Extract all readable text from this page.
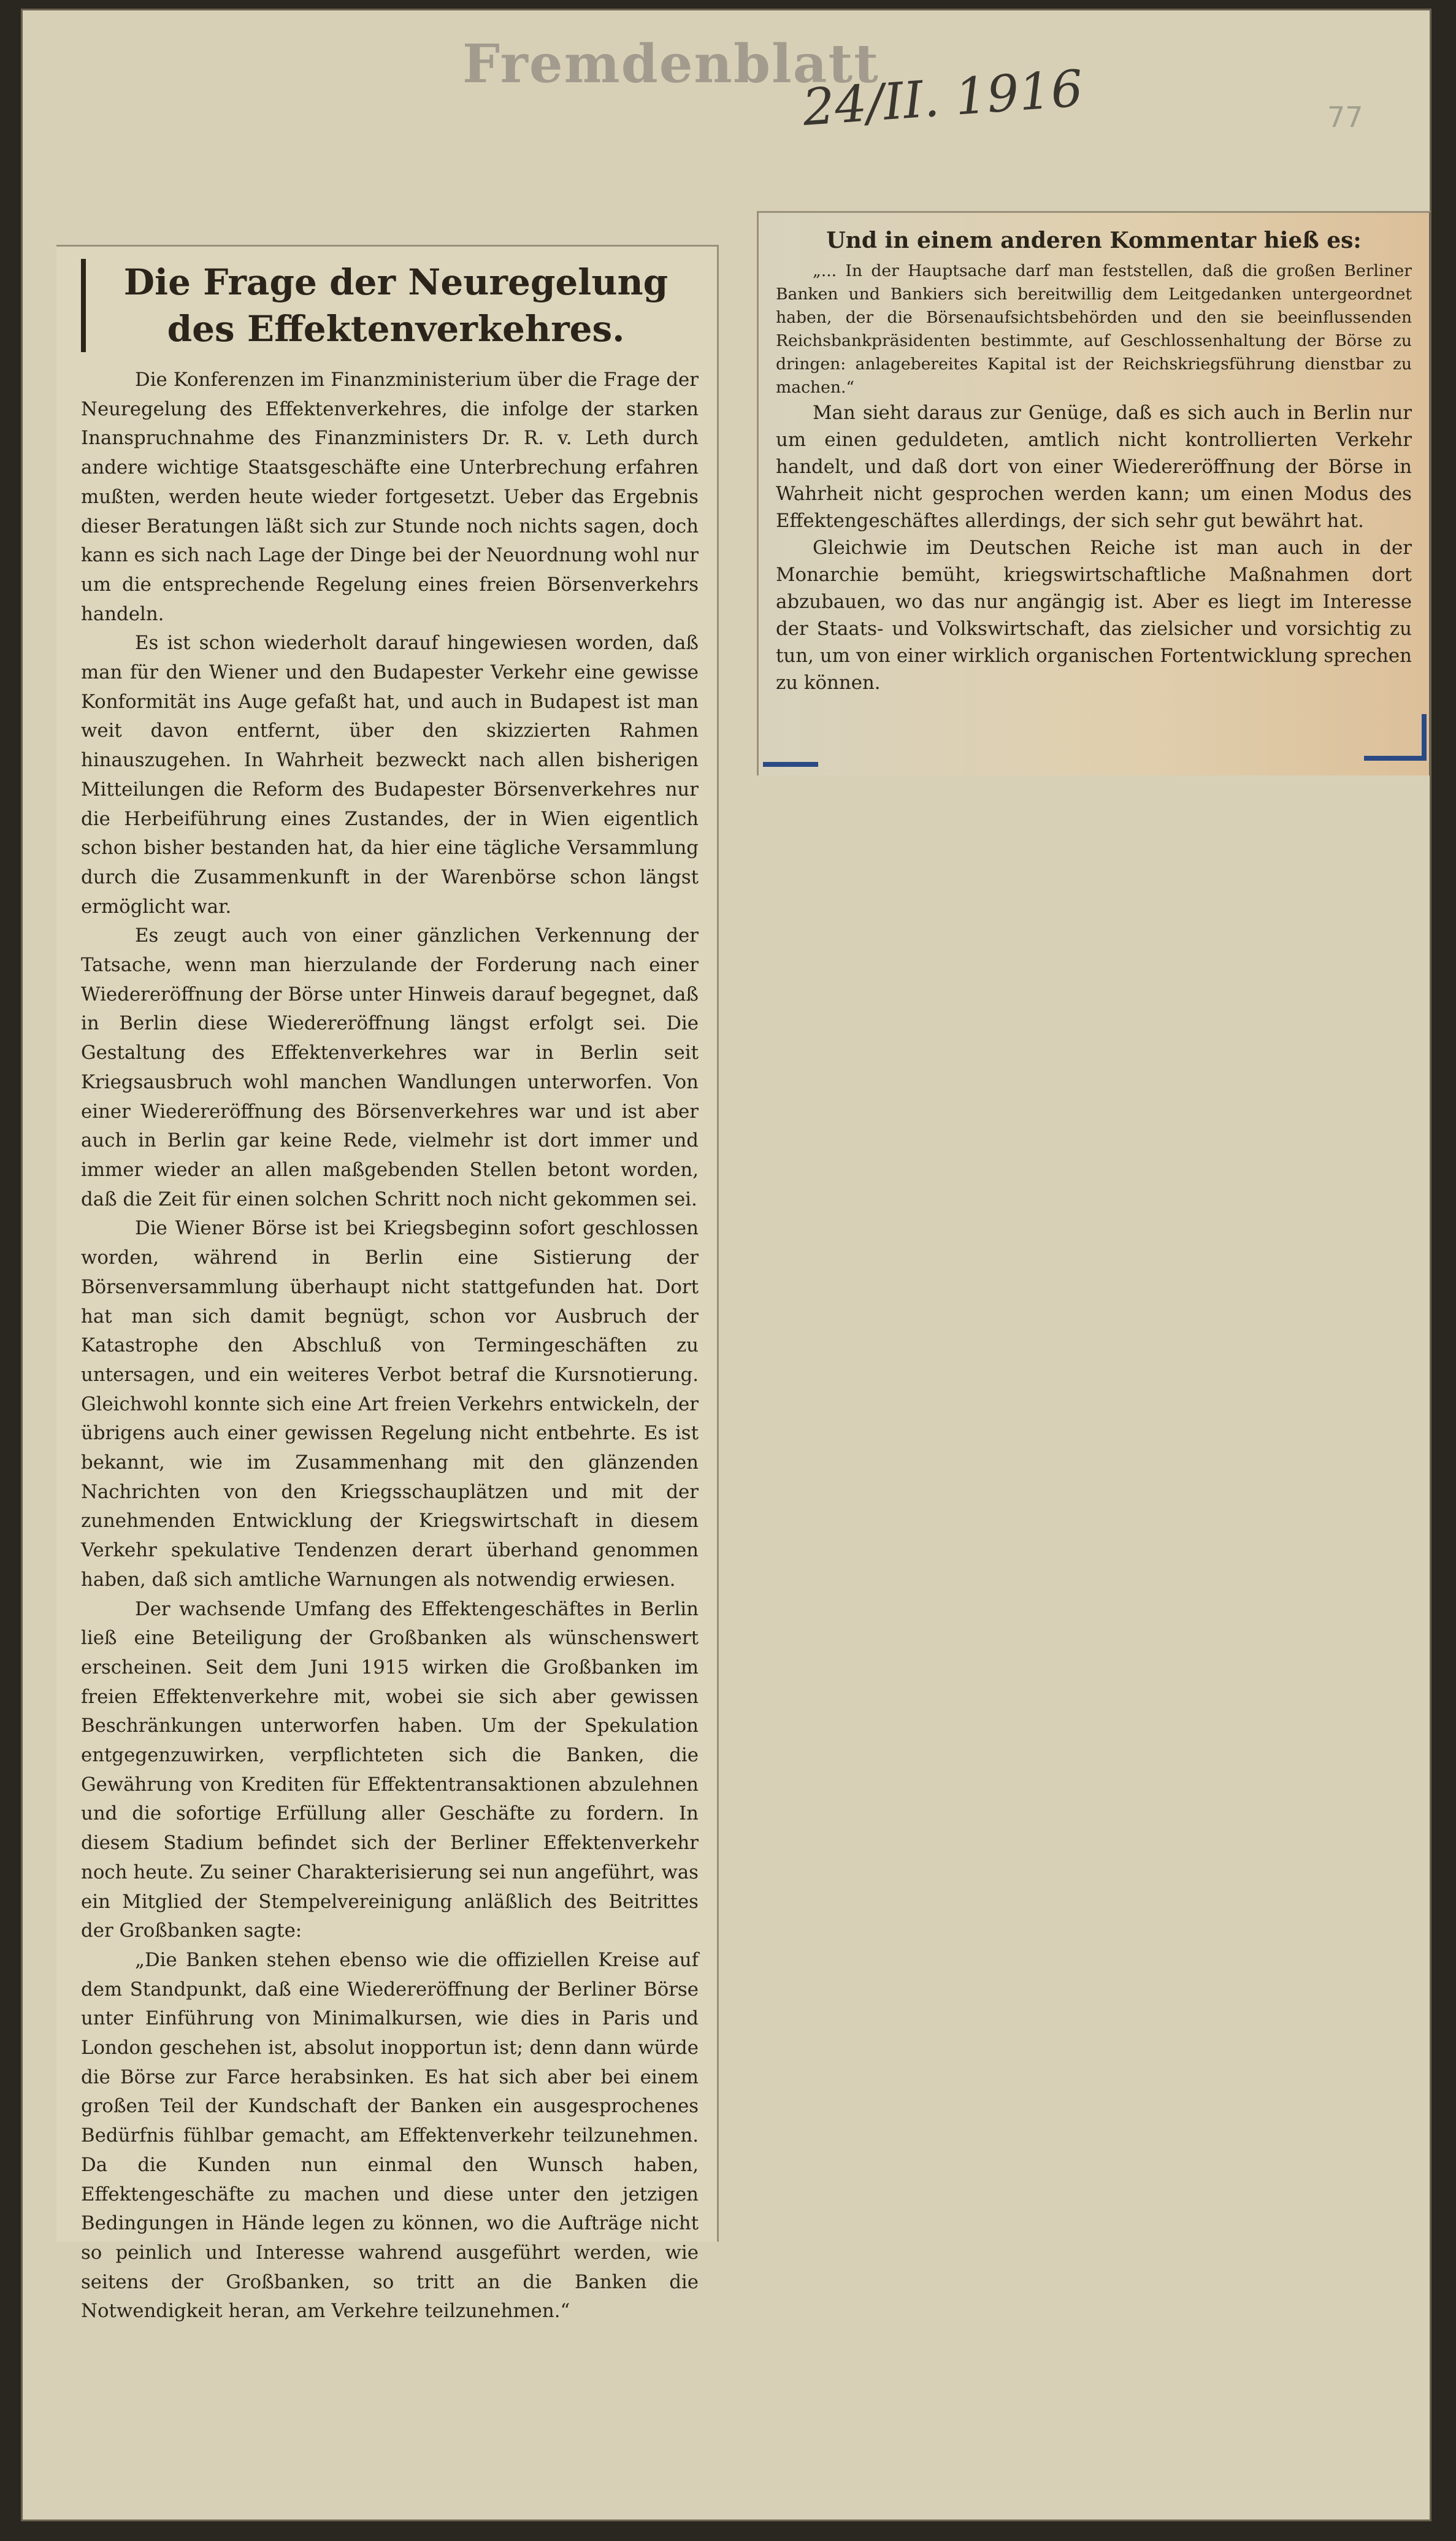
Fremdenblatt
24/II. 1916	77
Die Frage der Neuregelung des Effektenverkehres.

Die Konferenzen im Finanzministerium über die Frage der Neuregelung des Effektenverkehres, die infolge der starken Inanspruchnahme des Finanzministers Dr. R. v. Leth durch andere wichtige Staatsgeschäfte eine Unterbrechung erfahren mußten, werden heute wieder fortgesetzt. Ueber das Ergebnis dieser Beratungen läßt sich zur Stunde noch nichts sagen, doch kann es sich nach Lage der Dinge bei der Neuordnung wohl nur um die entsprechende Regelung eines freien Börsenverkehrs handeln.

Es ist schon wiederholt darauf hingewiesen worden, daß man für den Wiener und den Budapester Verkehr eine gewisse Konformität ins Auge gefaßt hat, und auch in Budapest ist man weit davon entfernt, über den skizzierten Rahmen hinauszugehen. In Wahrheit bezweckt nach allen bisherigen Mitteilungen die Reform des Budapester Börsenverkehres nur die Herbeiführung eines Zustandes, der in Wien eigentlich schon bisher bestanden hat, da hier eine tägliche Versammlung durch die Zusammenkunft in der Warenbörse schon längst ermöglicht war.

Es zeugt auch von einer gänzlichen Verkennung der Tatsache, wenn man hierzulande der Forderung nach einer Wiedereröffnung der Börse unter Hinweis darauf begegnet, daß in Berlin diese Wiedereröffnung längst erfolgt sei. Die Gestaltung des Effektenverkehres war in Berlin seit Kriegsausbruch wohl manchen Wandlungen unterworfen. Von einer Wiedereröffnung des Börsenverkehres war und ist aber auch in Berlin gar keine Rede, vielmehr ist dort immer und immer wieder an allen maßgebenden Stellen betont worden, daß die Zeit für einen solchen Schritt noch nicht gekommen sei.

Die Wiener Börse ist bei Kriegsbeginn sofort geschlossen worden, während in Berlin eine Sistierung der Börsenversammlung überhaupt nicht stattgefunden hat. Dort hat man sich damit begnügt, schon vor Ausbruch der Katastrophe den Abschluß von Termingeschäften zu untersagen, und ein weiteres Verbot betraf die Kursnotierung. Gleichwohl konnte sich eine Art freien Verkehrs entwickeln, der übrigens auch einer gewissen Regelung nicht entbehrte. Es ist bekannt, wie im Zusammenhang mit den glänzenden Nachrichten von den Kriegsschauplätzen und mit der zunehmenden Entwicklung der Kriegswirtschaft in diesem Verkehr spekulative Tendenzen derart überhand genommen haben, daß sich amtliche Warnungen als notwendig erwiesen.

Der wachsende Umfang des Effektengeschäftes in Berlin ließ eine Beteiligung der Großbanken als wünschenswert erscheinen. Seit dem Juni 1915 wirken die Großbanken im freien Effektenverkehre mit, wobei sie sich aber gewissen Beschränkungen unterworfen haben. Um der Spekulation entgegenzuwirken, verpflichteten sich die Banken, die Gewährung von Krediten für Effektentransaktionen abzulehnen und die sofortige Erfüllung aller Geschäfte zu fordern. In diesem Stadium befindet sich der Berliner Effektenverkehr noch heute. Zu seiner Charakterisierung sei nun angeführt, was ein Mitglied der Stempelvereinigung anläßlich des Beitrittes der Großbanken sagte:

„Die Banken stehen ebenso wie die offiziellen Kreise auf dem Standpunkt, daß eine Wiedereröffnung der Berliner Börse unter Einführung von Minimalkursen, wie dies in Paris und London geschehen ist, absolut inopportun ist; denn dann würde die Börse zur Farce herabsinken. Es hat sich aber bei einem großen Teil der Kundschaft der Banken ein ausgesprochenes Bedürfnis fühlbar gemacht, am Effektenverkehr teilzunehmen. Da die Kunden nun einmal den Wunsch haben, Effektengeschäfte zu machen und diese unter den jetzigen Bedingungen in Hände legen zu können, wo die Aufträge nicht so peinlich und Interesse wahrend ausgeführt werden, wie seitens der Großbanken, so tritt an die Banken die Notwendigkeit heran, am Verkehre teilzunehmen.“

Und in einem anderen Kommentar hieß es:

„... In der Hauptsache darf man feststellen, daß die großen Berliner Banken und Bankiers sich bereitwillig dem Leitgedanken untergeordnet haben, der die Börsenaufsichtsbehörden und den sie beeinflussenden Reichsbankpräsidenten bestimmte, auf Geschlossenhaltung der Börse zu dringen: anlagebereites Kapital ist der Reichskriegsführung dienstbar zu machen.“

Man sieht daraus zur Genüge, daß es sich auch in Berlin nur um einen geduldeten, amtlich nicht kontrollierten Verkehr handelt, und daß dort von einer Wiedereröffnung der Börse in Wahrheit nicht gesprochen werden kann; um einen Modus des Effektengeschäftes allerdings, der sich sehr gut bewährt hat.

Gleichwie im Deutschen Reiche ist man auch in der Monarchie bemüht, kriegswirtschaftliche Maßnahmen dort abzubauen, wo das nur angängig ist. Aber es liegt im Interesse der Staats- und Volkswirtschaft, das zielsicher und vorsichtig zu tun, um von einer wirklich organischen Fortentwicklung sprechen zu können.
